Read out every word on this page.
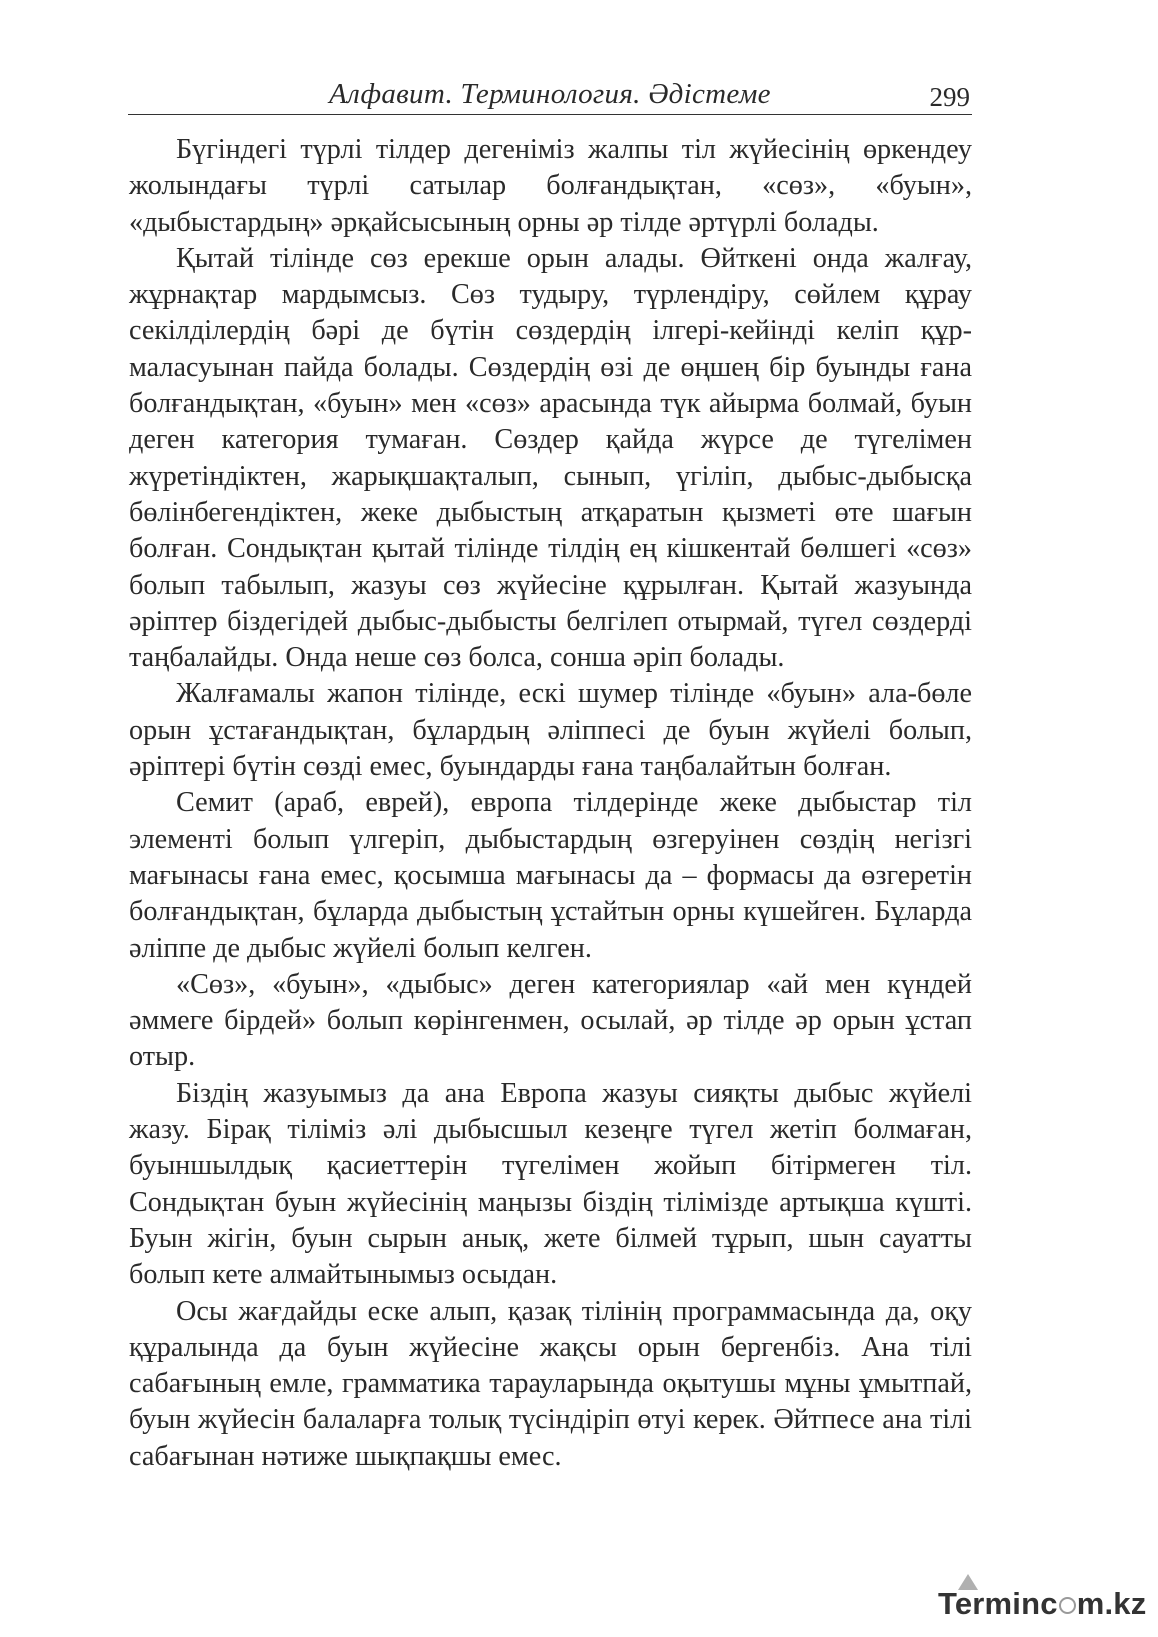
Алфавит. Терминология. Әдістеме	299

Бүгіндегі түрлі тілдер дегеніміз жалпы тіл жүйесінің өркендеу жолындағы түрлі сатылар болғандықтан, «сөз», «буын», «дыбыстардың» әрқайсысының орны әр тілде әртүрлі болады.

Қытай тілінде сөз ерекше орын алады. Өйткені онда жалғау, жұрнақтар мардымсыз. Сөз тудыру, түрлендіру, сөйлем құрау секілділердің бәрі де бүтін сөздердің ілгері-кейінді келіп құрмаласуынан пайда болады. Сөздердің өзі де өңшең бір буынды ғана болғандықтан, «буын» мен «сөз» арасында түк айырма болмай, буын деген категория тумаған. Сөздер қайда жүрсе де түгелімен жүретіндіктен, жарықшақталып, сынып, үгіліп, дыбыс-дыбысқа бөлінбегендіктен, жеке дыбыстың атқаратын қызметі өте шағын болған. Сондықтан қытай тілінде тілдің ең кішкентай бөлшегі «сөз» болып табылып, жазуы сөз жүйесіне құрылған. Қытай жазуында әріптер біздегідей дыбыс-дыбысты белгілеп отырмай, түгел сөздерді таңбалайды. Онда неше сөз болса, сонша әріп болады.

Жалғамалы жапон тілінде, ескі шумер тілінде «буын» ала-бөле орын ұстағандықтан, бұлардың әліппесі де буын жүйелі болып, әріптері бүтін сөзді емес, буындарды ғана таңбалайтын болған.

Семит (араб, еврей), европа тілдерінде жеке дыбыстар тіл элементі болып үлгеріп, дыбыстардың өзгеруінен сөздің негізгі мағынасы ғана емес, қосымша мағынасы да – формасы да өзгеретін болғандықтан, бұларда дыбыстың ұстайтын орны күшейген. Бұларда әліппе де дыбыс жүйелі болып келген.

«Сөз», «буын», «дыбыс» деген категориялар «ай мен күндей әммеге бірдей» болып көрінгенмен, осылай, әр тілде әр орын ұстап отыр.

Біздің жазуымыз да ана Европа жазуы сияқты дыбыс жүйелі жазу. Бірақ тіліміз әлі дыбысшыл кезеңге түгел жетіп болмаған, буыншылдық қасиеттерін түгелімен жойып бітірмеген тіл. Сондықтан буын жүйесінің маңызы біздің тілімізде артықша күшті. Буын жігін, буын сырын анық, жете білмей тұрып, шын сауатты болып кете алмайтынымыз осыдан.

Осы жағдайды еске алып, қазақ тілінің программасында да, оқу құралында да буын жүйесіне жақсы орын бергенбіз. Ана тілі сабағының емле, грамматика тарауларында оқытушы мұны ұмытпай, буын жүйесін балаларға толық түсіндіріп өтуі керек. Әйтпесе ана тілі сабағынан нәтиже шықпақшы емес.

Terminc m.kz
